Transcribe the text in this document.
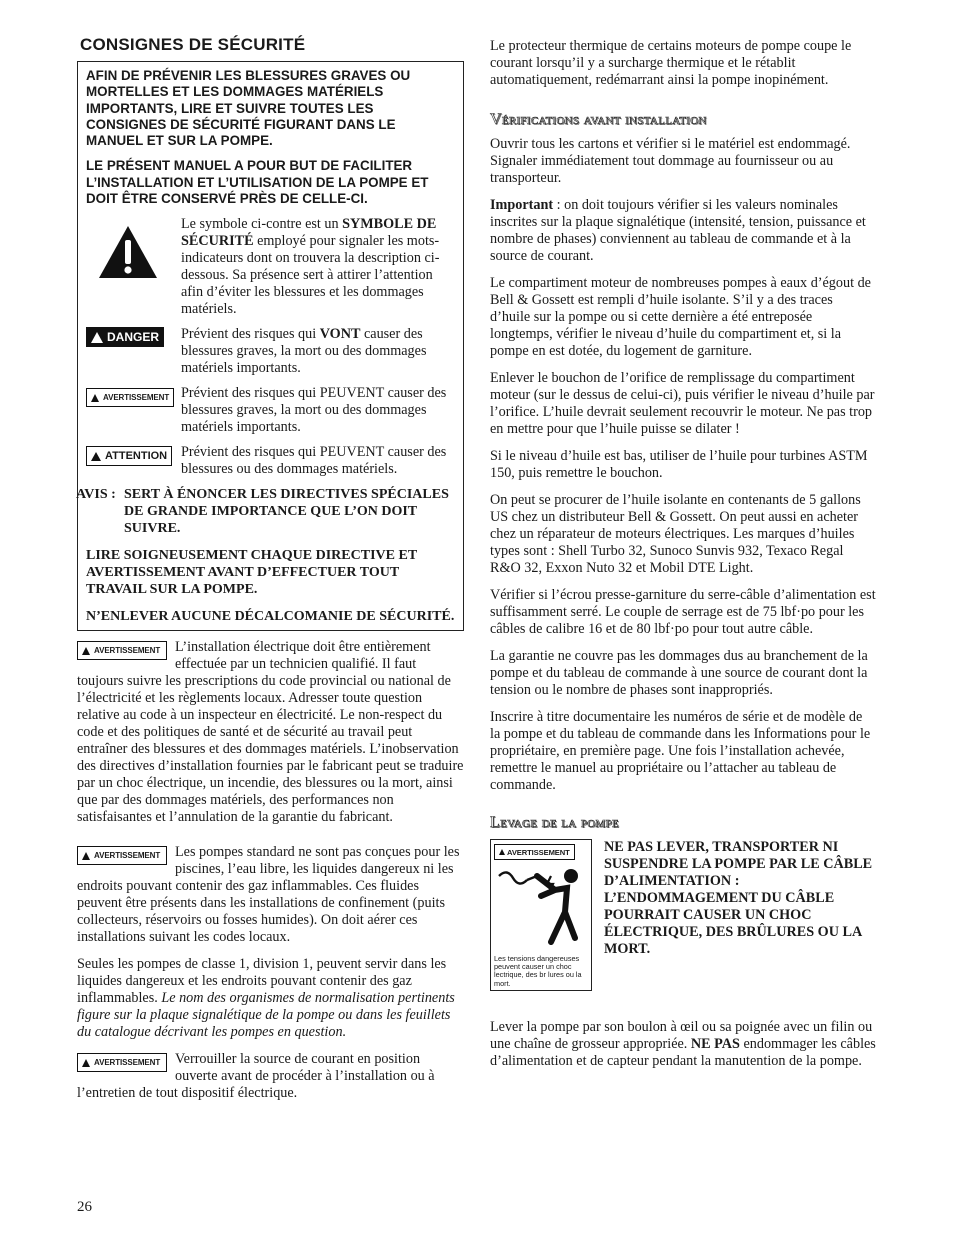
CONSIGNES DE SÉCURITÉ

AFIN DE PRÉVENIR LES BLESSURES GRAVES OU MORTELLES ET LES DOMMAGES MATÉRIELS IMPORTANTS, LIRE ET SUIVRE TOUTES LES CONSIGNES DE SÉCURITÉ FIGURANT DANS LE MANUEL ET SUR LA POMPE.

LE PRÉSENT MANUEL A POUR BUT DE FACILITER L’INSTALLATION ET L’UTILISATION DE LA POMPE ET DOIT ÊTRE CONSERVÉ PRÈS DE CELLE-CI.

Le symbole ci-contre est un SYMBOLE DE SÉCURITÉ employé pour signaler les mots-indicateurs dont on trouvera la description ci-dessous. Sa présence sert à attirer l’attention afin d’éviter les blessures et les dommages matériels.
DANGER Prévient des risques qui VONT causer des blessures graves, la mort ou des dommages matériels importants.
AVERTISSEMENT Prévient des risques qui PEUVENT causer des blessures graves, la mort ou des dommages matériels importants.
ATTENTION Prévient des risques qui PEUVENT causer des blessures ou des dommages matériels.
AVIS : SERT À ÉNONCER LES DIRECTIVES SPÉCIALES DE GRANDE IMPORTANCE QUE L’ON DOIT SUIVRE.

LIRE SOIGNEUSEMENT CHAQUE DIRECTIVE ET AVERTISSEMENT AVANT D’EFFECTUER TOUT TRAVAIL SUR LA POMPE.

N’ENLEVER AUCUNE DÉCALCOMANIE DE SÉCURITÉ.

AVERTISSEMENT L’installation électrique doit être entièrement effectuée par un technicien qualifié. Il faut toujours suivre les prescriptions du code provincial ou national de l’électricité et les règlements locaux. Adresser toute question relative au code à un inspecteur en électricité. Le non-respect du code et des politiques de santé et de sécurité au travail peut entraîner des blessures et des dommages matériels. L’inobservation des directives d’installation fournies par le fabricant peut se traduire par un choc électrique, un incendie, des blessures ou la mort, ainsi que par des dommages matériels, des performances non satisfaisantes et l’annulation de la garantie du fabricant.

AVERTISSEMENT Les pompes standard ne sont pas conçues pour les piscines, l’eau libre, les liquides dangereux ni les endroits pouvant contenir des gaz inflammables. Ces fluides peuvent être présents dans les installations de confinement (puits collecteurs, réservoirs ou fosses humides). On doit aérer ces installations suivant les codes locaux.

Seules les pompes de classe 1, division 1, peuvent servir dans les liquides dangereux et les endroits pouvant contenir des gaz inflammables. Le nom des organismes de normalisation pertinents figure sur la plaque signalétique de la pompe ou dans les feuillets du catalogue décrivant les pompes en question.

AVERTISSEMENT Verrouiller la source de courant en position ouverte avant de procéder à l’installation ou à l’entretien de tout dispositif électrique.

26

Le protecteur thermique de certains moteurs de pompe coupe le courant lorsqu’il y a surcharge thermique et le rétablit automatiquement, redémarrant ainsi la pompe inopinément.

Vérifications avant installation

Ouvrir tous les cartons et vérifier si le matériel est endommagé. Signaler immédiatement tout dommage au fournisseur ou au transporteur.

Important : on doit toujours vérifier si les valeurs nominales inscrites sur la plaque signalétique (intensité, tension, puissance et nombre de phases) conviennent au tableau de commande et à la source de courant.

Le compartiment moteur de nombreuses pompes à eaux d’égout de Bell & Gossett est rempli d’huile isolante. S’il y a des traces d’huile sur la pompe ou si cette dernière a été entreposée longtemps, vérifier le niveau d’huile du compartiment et, si la pompe en est dotée, du logement de garniture.

Enlever le bouchon de l’orifice de remplissage du compartiment moteur (sur le dessus de celui-ci), puis vérifier le niveau d’huile par l’orifice. L’huile devrait seulement recouvrir le moteur. Ne pas trop en mettre pour que l’huile puisse se dilater !

Si le niveau d’huile est bas, utiliser de l’huile pour turbines ASTM 150, puis remettre le bouchon.

On peut se procurer de l’huile isolante en contenants de 5 gallons US chez un distributeur Bell & Gossett. On peut aussi en acheter chez un réparateur de moteurs électriques. Les marques d’huiles types sont : Shell Turbo 32, Sunoco Sunvis 932, Texaco Regal R&O 32, Exxon Nuto 32 et Mobil DTE Light.

Vérifier si l’écrou presse-garniture du serre-câble d’alimentation est suffisamment serré. Le couple de serrage est de 75 lbf·po pour les câbles de calibre 16 et de 80 lbf·po pour tout autre câble.

La garantie ne couvre pas les dommages dus au branchement de la pompe et du tableau de commande à une source de courant dont la tension ou le nombre de phases sont inappropriés.

Inscrire à titre documentaire les numéros de série et de modèle de la pompe et du tableau de commande dans les Informations pour le propriétaire, en première page. Une fois l’installation achevée, remettre le manuel au propriétaire ou l’attacher au tableau de commande.

Levage de la pompe
AVERTISSEMENT
Les tensions dangereuses peuvent causer un choc lectrique, des br lures ou la mort.
NE PAS LEVER, TRANSPORTER NI SUSPENDRE LA POMPE PAR LE CÂBLE D’ALIMENTATION : L’ENDOMMAGEMENT DU CÂBLE POURRAIT CAUSER UN CHOC ÉLECTRIQUE, DES BRÛLURES OU LA MORT.

Lever la pompe par son boulon à œil ou sa poignée avec un filin ou une chaîne de grosseur appropriée. NE PAS endommager les câbles d’alimentation et de capteur pendant la manutention de la pompe.
